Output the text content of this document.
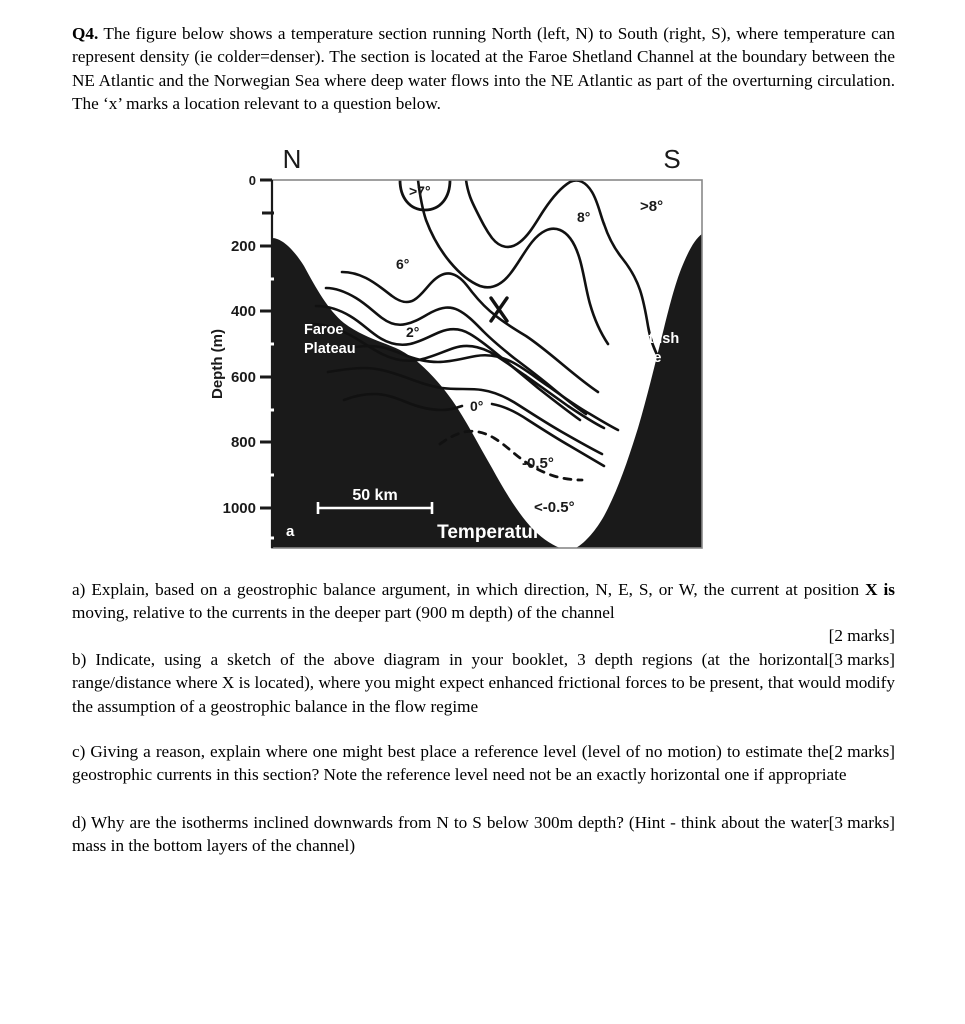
Q4. The figure below shows a temperature section running North (left, N) to South (right, S), where temperature can represent density (ie colder=denser). The section is located at the Faroe Shetland Channel at the boundary between the NE Atlantic and the Norwegian Sea where deep water flows into the NE Atlantic as part of the overturning circulation. The ‘x’ marks a location relevant to a question below.

0
200
400
600
800
1000
Depth (m)
N	S
>7°
8°
>8°
6°
2°
0°
-0.5°
<-0.5°
Faroe
Plateau
Scottish
Slope
50 km
a	Temperature

a) Explain, based on a geostrophic balance argument, in which direction, N, E, S, or W, the current at position X is moving, relative to the currents in the deeper part (900 m depth) of the channel

[2 marks]

[3 marks]
b) Indicate, using a sketch of the above diagram in your booklet, 3 depth regions (at the horizontal range/distance where X is located), where you might expect enhanced frictional forces to be present, that would modify the assumption of a geostrophic balance in the flow regime

[2 marks]
c) Giving a reason, explain where one might best place a reference level (level of no motion) to estimate the geostrophic currents in this section? Note the reference level need not be an exactly horizontal one if appropriate

[3 marks]
d) Why are the isotherms inclined downwards from N to S below 300m depth? (Hint - think about the water mass in the bottom layers of the channel)
